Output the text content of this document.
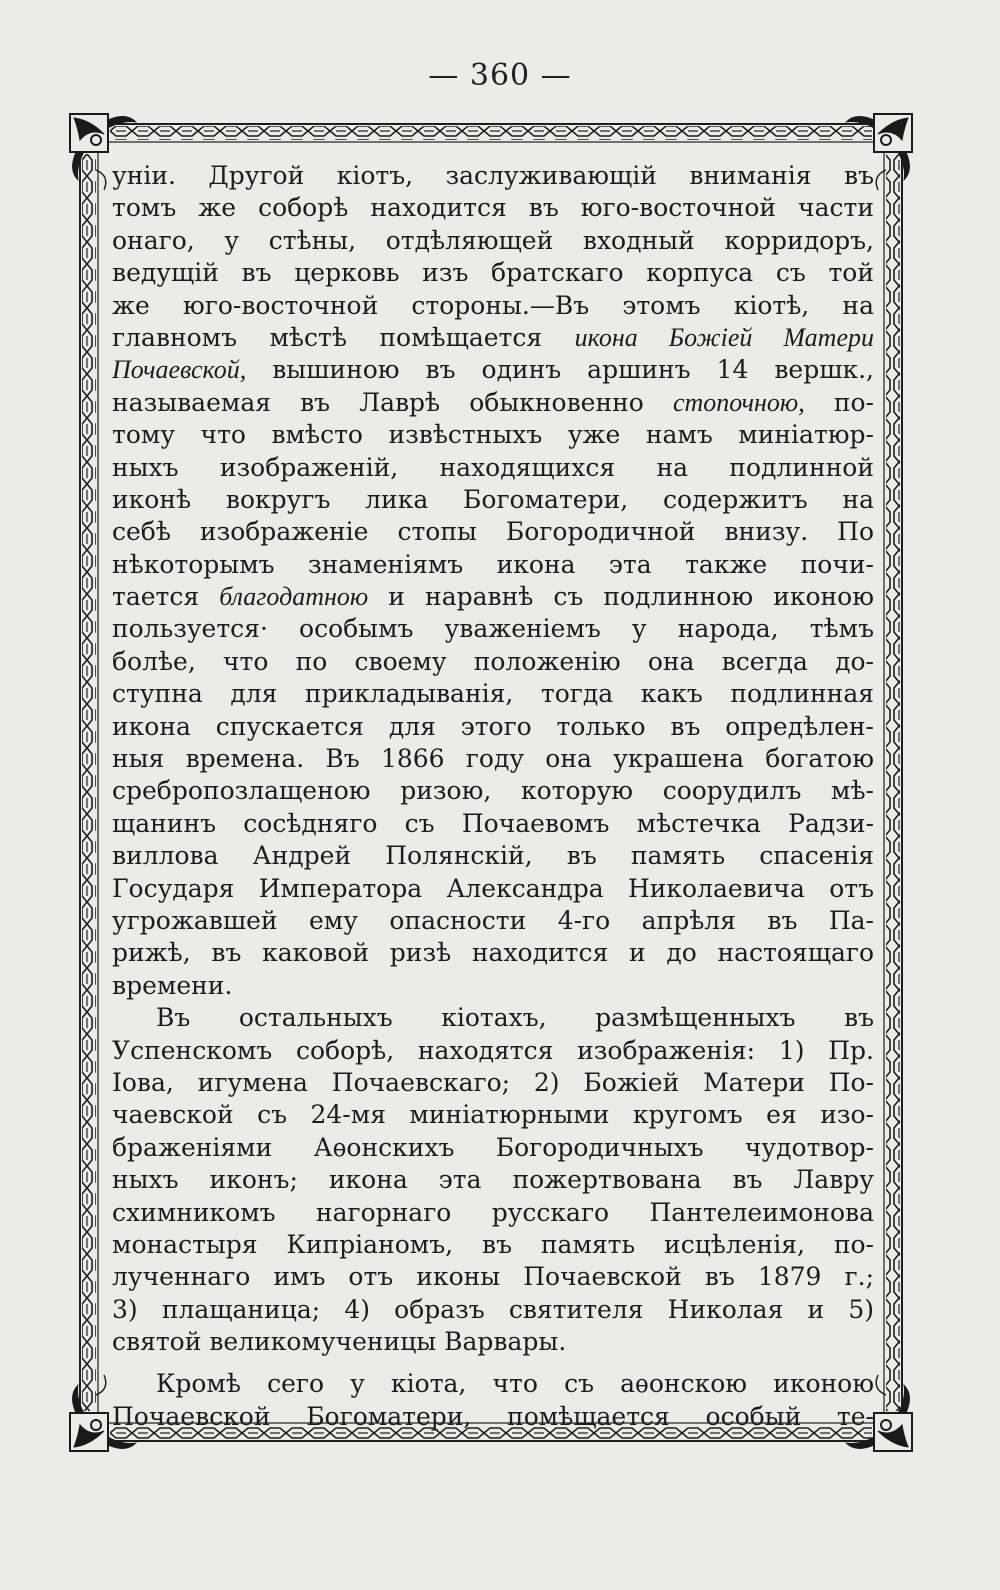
— 360 —
уніи. Другой кіотъ, заслуживающій вниманія въ
томъ же соборѣ находится въ юго-восточной части
онаго, у стѣны, отдѣляющей входный корридоръ,
ведущій въ церковь изъ братскаго корпуса съ той
же юго-восточной стороны.—Въ этомъ кіотѣ, на
главномъ мѣстѣ помѣщается икона Божіей Матери
Почаевской, вышиною въ одинъ аршинъ 14 вершк.,
называемая въ Лаврѣ обыкновенно стопочною, по-
тому что вмѣсто извѣстныхъ уже намъ миніатюр-
ныхъ изображеній, находящихся на подлинной
иконѣ вокругъ лика Богоматери, содержитъ на
себѣ изображеніе стопы Богородичной внизу. По
нѣкоторымъ знаменіямъ икона эта также почи-
тается благодатною и наравнѣ съ подлинною иконою
пользуется· особымъ уваженіемъ у народа, тѣмъ
болѣе, что по своему положенію она всегда до-
ступна для прикладыванія, тогда какъ подлинная
икона спускается для этого только въ опредѣлен-
ныя времена. Въ 1866 году она украшена богатою
сребропозлащеною ризою, которую соорудилъ мѣ-
щанинъ сосѣдняго съ Почаевомъ мѣстечка Радзи-
виллова Андрей Полянскій, въ память спасенія
Государя Императора Александра Николаевича отъ
угрожавшей ему опасности 4-го апрѣля въ Па-
рижѣ, въ каковой ризѣ находится и до настоящаго
времени.
Въ остальныхъ кіотахъ, размѣщенныхъ въ
Успенскомъ соборѣ, находятся изображенія: 1) Пр.
Іова, игумена Почаевскаго; 2) Божіей Матери По-
чаевской съ 24-мя миніатюрными кругомъ ея изо-
браженіями Аѳонскихъ Богородичныхъ чудотвор-
ныхъ иконъ; икона эта пожертвована въ Лавру
схимникомъ нагорнаго русскаго Пантелеимонова
монастыря Кипріаномъ, въ память исцѣленія, по-
лученнаго имъ отъ иконы Почаевской въ 1879 г.;
3) плащаница; 4) образъ святителя Николая и 5)
святой великомученицы Варвары.
Кромѣ сего у кіота, что съ аѳонскою иконою
Почаевской Богоматери, помѣщается особый те-
